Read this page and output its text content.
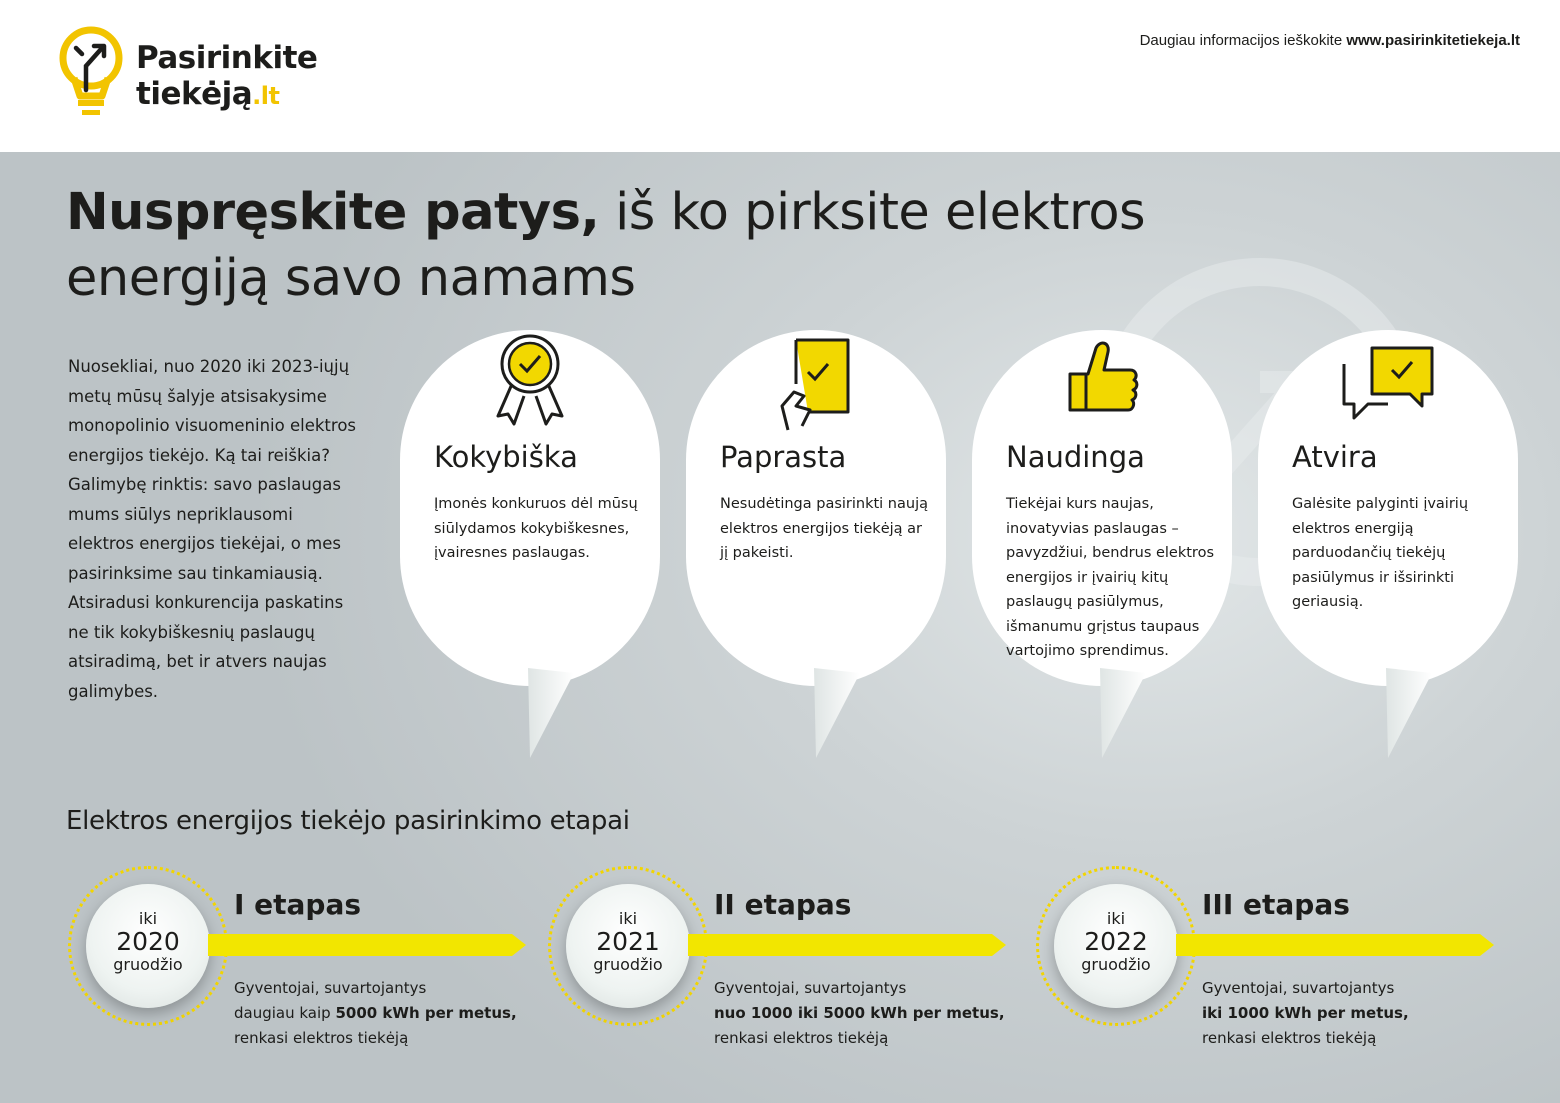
Pasirinkite
tiekėją.lt
Daugiau informacijos ieškokite www.pasirinkitetiekeja.lt
Nuspręskite patys, iš ko pirksite elektros
energiją savo namams
Nuosekliai, nuo 2020 iki 2023-iųjų metų mūsų šalyje atsisakysime monopolinio visuomeninio elektros energijos tiekėjo. Ką tai reiškia? Galimybę rinktis: savo paslaugas mums siūlys nepriklausomi elektros energijos tiekėjai, o mes pasirinksime sau tinkamiausią. Atsiradusi konkurencija paskatins ne tik kokybiškesnių paslaugų atsiradimą, bet ir atvers naujas galimybes.
Kokybiška
Įmonės konkuruos dėl mūsų siūlydamos kokybiškesnes, įvairesnes paslaugas.
Paprasta
Nesudėtinga pasirinkti naują elektros energijos tiekėją ar jį pakeisti.
Naudinga
Tiekėjai kurs naujas, inovatyvias paslaugas – pavyzdžiui, bendrus elektros energijos ir įvairių kitų paslaugų pasiūlymus, išmanumu grįstus taupaus vartojimo sprendimus.
Atvira
Galėsite palyginti įvairių elektros energiją parduodančių tiekėjų pasiūlymus ir išsirinkti geriausią.
Elektros energijos tiekėjo pasirinkimo etapai
iki
2020
gruodžio
I etapas
Gyventojai, suvartojantys
daugiau kaip 5000 kWh per metus,
renkasi elektros tiekėją
iki
2021
gruodžio
II etapas
Gyventojai, suvartojantys
nuo 1000 iki 5000 kWh per metus,
renkasi elektros tiekėją
iki
2022
gruodžio
III etapas
Gyventojai, suvartojantys
iki 1000 kWh per metus,
renkasi elektros tiekėją
